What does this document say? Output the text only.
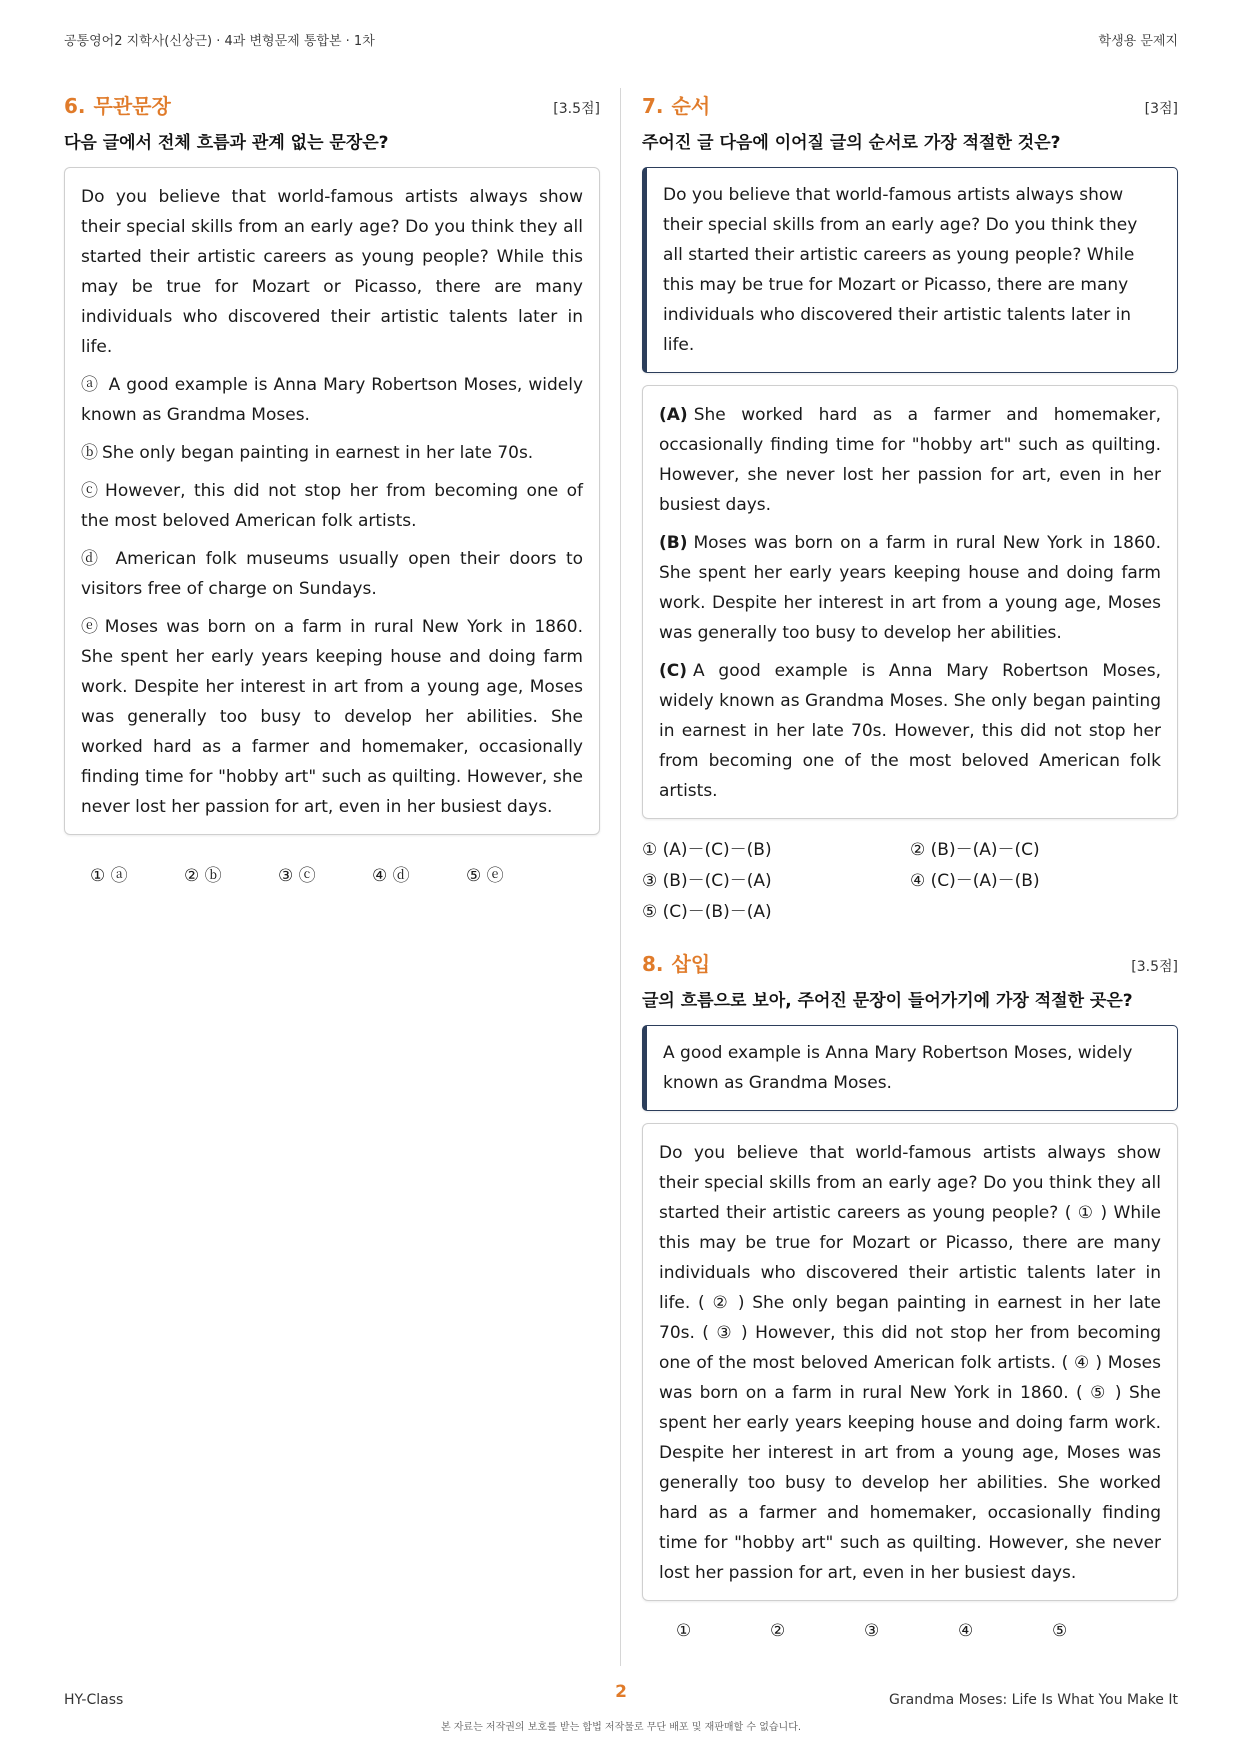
공통영어2 지학사(신상근) · 4과 변형문제 통합본 · 1차	학생용 문제지
6. 무관문장	[3.5점]
다음 글에서 전체 흐름과 관계 없는 문장은?

Do you believe that world-famous artists always show their special skills from an early age? Do you think they all started their artistic careers as young people? While this may be true for Mozart or Picasso, there are many individuals who discovered their artistic talents later in life.

ⓐ A good example is Anna Mary Robertson Moses, widely known as Grandma Moses.

ⓑ She only began painting in earnest in her late 70s.

ⓒ However, this did not stop her from becoming one of the most beloved American folk artists.

ⓓ American folk museums usually open their doors to visitors free of charge on Sundays.

ⓔ Moses was born on a farm in rural New York in 1860. She spent her early years keeping house and doing farm work. Despite her interest in art from a young age, Moses was generally too busy to develop her abilities. She worked hard as a farmer and homemaker, occasionally finding time for "hobby art" such as quilting. However, she never lost her passion for art, even in her busiest days.

① ⓐ	② ⓑ	③ ⓒ	④ ⓓ	⑤ ⓔ
7. 순서	[3점]
주어진 글 다음에 이어질 글의 순서로 가장 적절한 것은?
Do you believe that world-famous artists always show their special skills from an early age? Do you think they all started their artistic careers as young people? While this may be true for Mozart or Picasso, there are many individuals who discovered their artistic talents later in life.

(A) She worked hard as a farmer and homemaker, occasionally finding time for "hobby art" such as quilting. However, she never lost her passion for art, even in her busiest days.

(B) Moses was born on a farm in rural New York in 1860. She spent her early years keeping house and doing farm work. Despite her interest in art from a young age, Moses was generally too busy to develop her abilities.

(C) A good example is Anna Mary Robertson Moses, widely known as Grandma Moses. She only began painting in earnest in her late 70s. However, this did not stop her from becoming one of the most beloved American folk artists.

① (A)－(C)－(B)	② (B)－(A)－(C)
③ (B)－(C)－(A)	④ (C)－(A)－(B)
⑤ (C)－(B)－(A)
8. 삽입	[3.5점]
글의 흐름으로 보아, 주어진 문장이 들어가기에 가장 적절한 곳은?
A good example is Anna Mary Robertson Moses, widely known as Grandma Moses.
Do you believe that world-famous artists always show their special skills from an early age? Do you think they all started their artistic careers as young people? ( ① ) While this may be true for Mozart or Picasso, there are many individuals who discovered their artistic talents later in life. ( ② ) She only began painting in earnest in her late 70s. ( ③ ) However, this did not stop her from becoming one of the most beloved American folk artists. ( ④ ) Moses was born on a farm in rural New York in 1860. ( ⑤ ) She spent her early years keeping house and doing farm work. Despite her interest in art from a young age, Moses was generally too busy to develop her abilities. She worked hard as a farmer and homemaker, occasionally finding time for "hobby art" such as quilting. However, she never lost her passion for art, even in her busiest days.
①	②	③	④	⑤
HY-Class	2	Grandma Moses: Life Is What You Make It
본 자료는 저작권의 보호를 받는 합법 저작물로 무단 배포 및 재판매할 수 없습니다.
